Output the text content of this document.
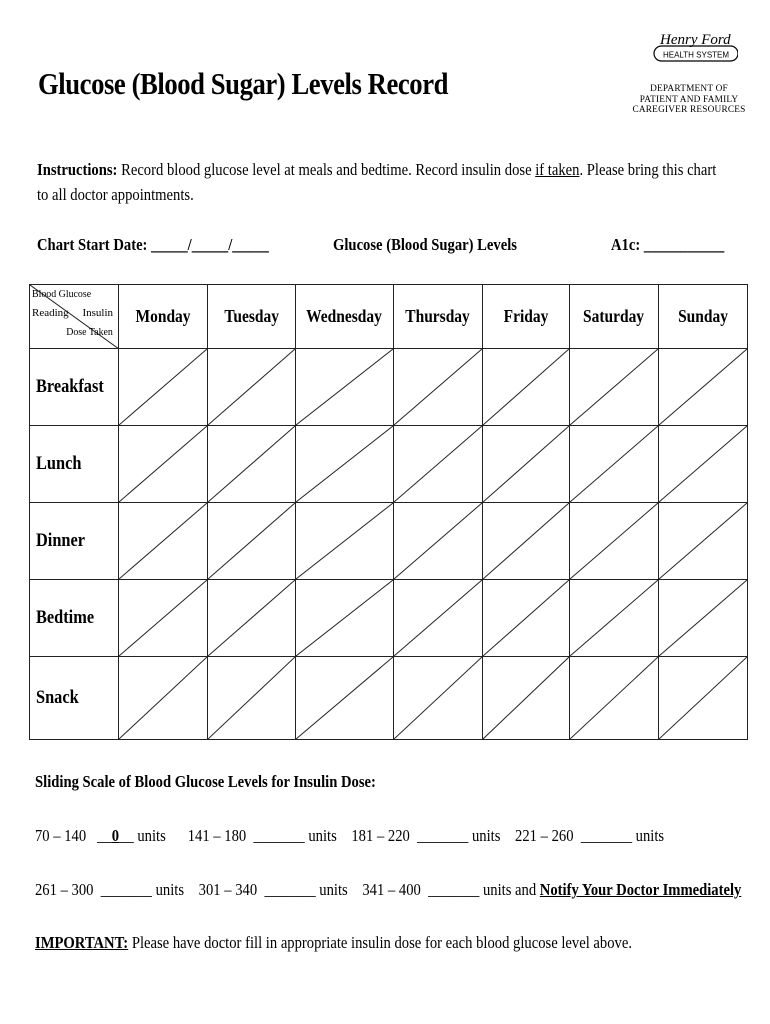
Glucose (Blood Sugar) Levels Record
Henry Ford
HEALTH SYSTEM
DEPARTMENT OF
PATIENT AND FAMILY
CAREGIVER RESOURCES

Instructions: Record blood glucose level at meals and bedtime. Record insulin dose if taken. Please bring this chart to all doctor appointments.

Chart Start Date: _____/_____/_____	Glucose (Blood Sugar) Levels	A1c: ___________
Blood Glucose
Reading Insulin
Dose Taken	Monday	Tuesday	Wednesday	Thursday	Friday	Saturday	Sunday
Breakfast	

Lunch	

Dinner	

Bedtime	

Snack	

Sliding Scale of Blood Glucose Levels for Insulin Dose:
70 – 140 __0__ units 141 – 180 _______ units 181 – 220 _______ units 221 – 260 _______ units
261 – 300 _______ units 301 – 340 _______ units 341 – 400 _______ units and Notify Your Doctor Immediately
IMPORTANT: Please have doctor fill in appropriate insulin dose for each blood glucose level above.
